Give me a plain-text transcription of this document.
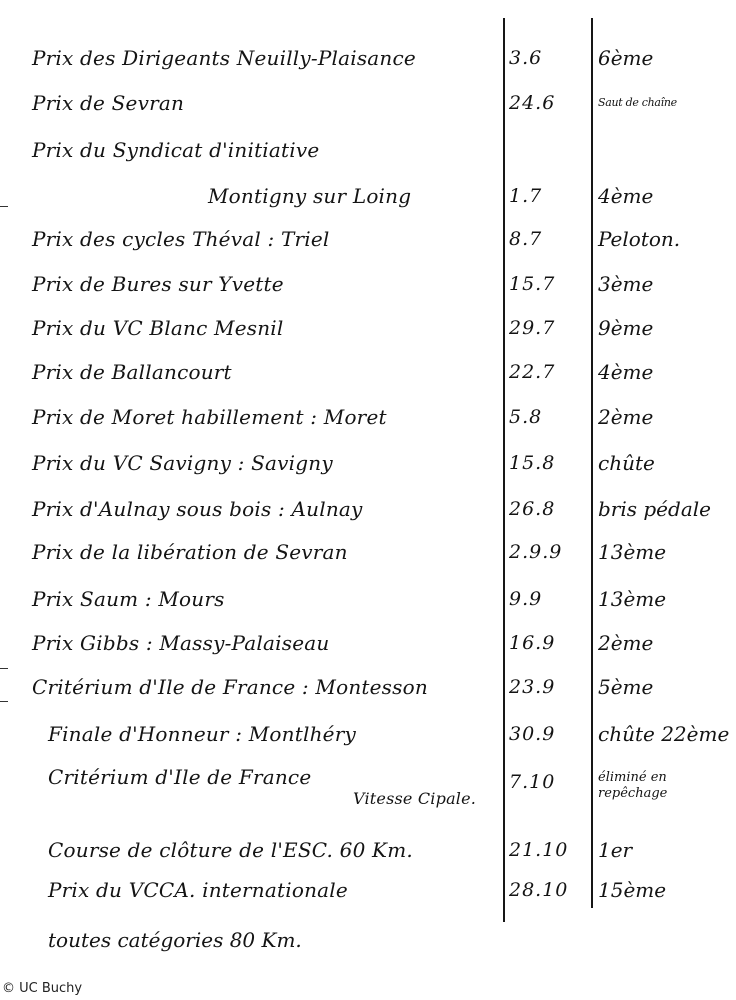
Prix des Dirigeants Neuilly-Plaisance	3.6	6ème
Prix de Sevran	24.6	Saut de chaîne
Prix du Syndicat d'initiative
Montigny sur Loing	1.7	4ème
Prix des cycles Théval : Triel	8.7	Peloton.
Prix de Bures sur Yvette	15.7	3ème
Prix du VC Blanc Mesnil	29.7	9ème
Prix de Ballancourt	22.7	4ème
Prix de Moret habillement : Moret	5.8	2ème
Prix du VC Savigny : Savigny	15.8	chûte
Prix d'Aulnay sous bois : Aulnay	26.8	bris pédale
Prix de la libération de Sevran	2.9.9	13ème
Prix Saum : Mours	9.9	13ème
Prix Gibbs : Massy-Palaiseau	16.9	2ème
Critérium d'Ile de France : Montesson	23.9	5ème
Finale d'Honneur : Montlhéry	30.9	chûte 22ème
Critérium d'Ile de France
Vitesse Cipale.
7.10	éliminé en repêchage
Course de clôture de l'ESC. 60 Km.	21.10	1er
Prix du VCCA. internationale	28.10	15ème
toutes catégories 80 Km.
© UC Buchy
